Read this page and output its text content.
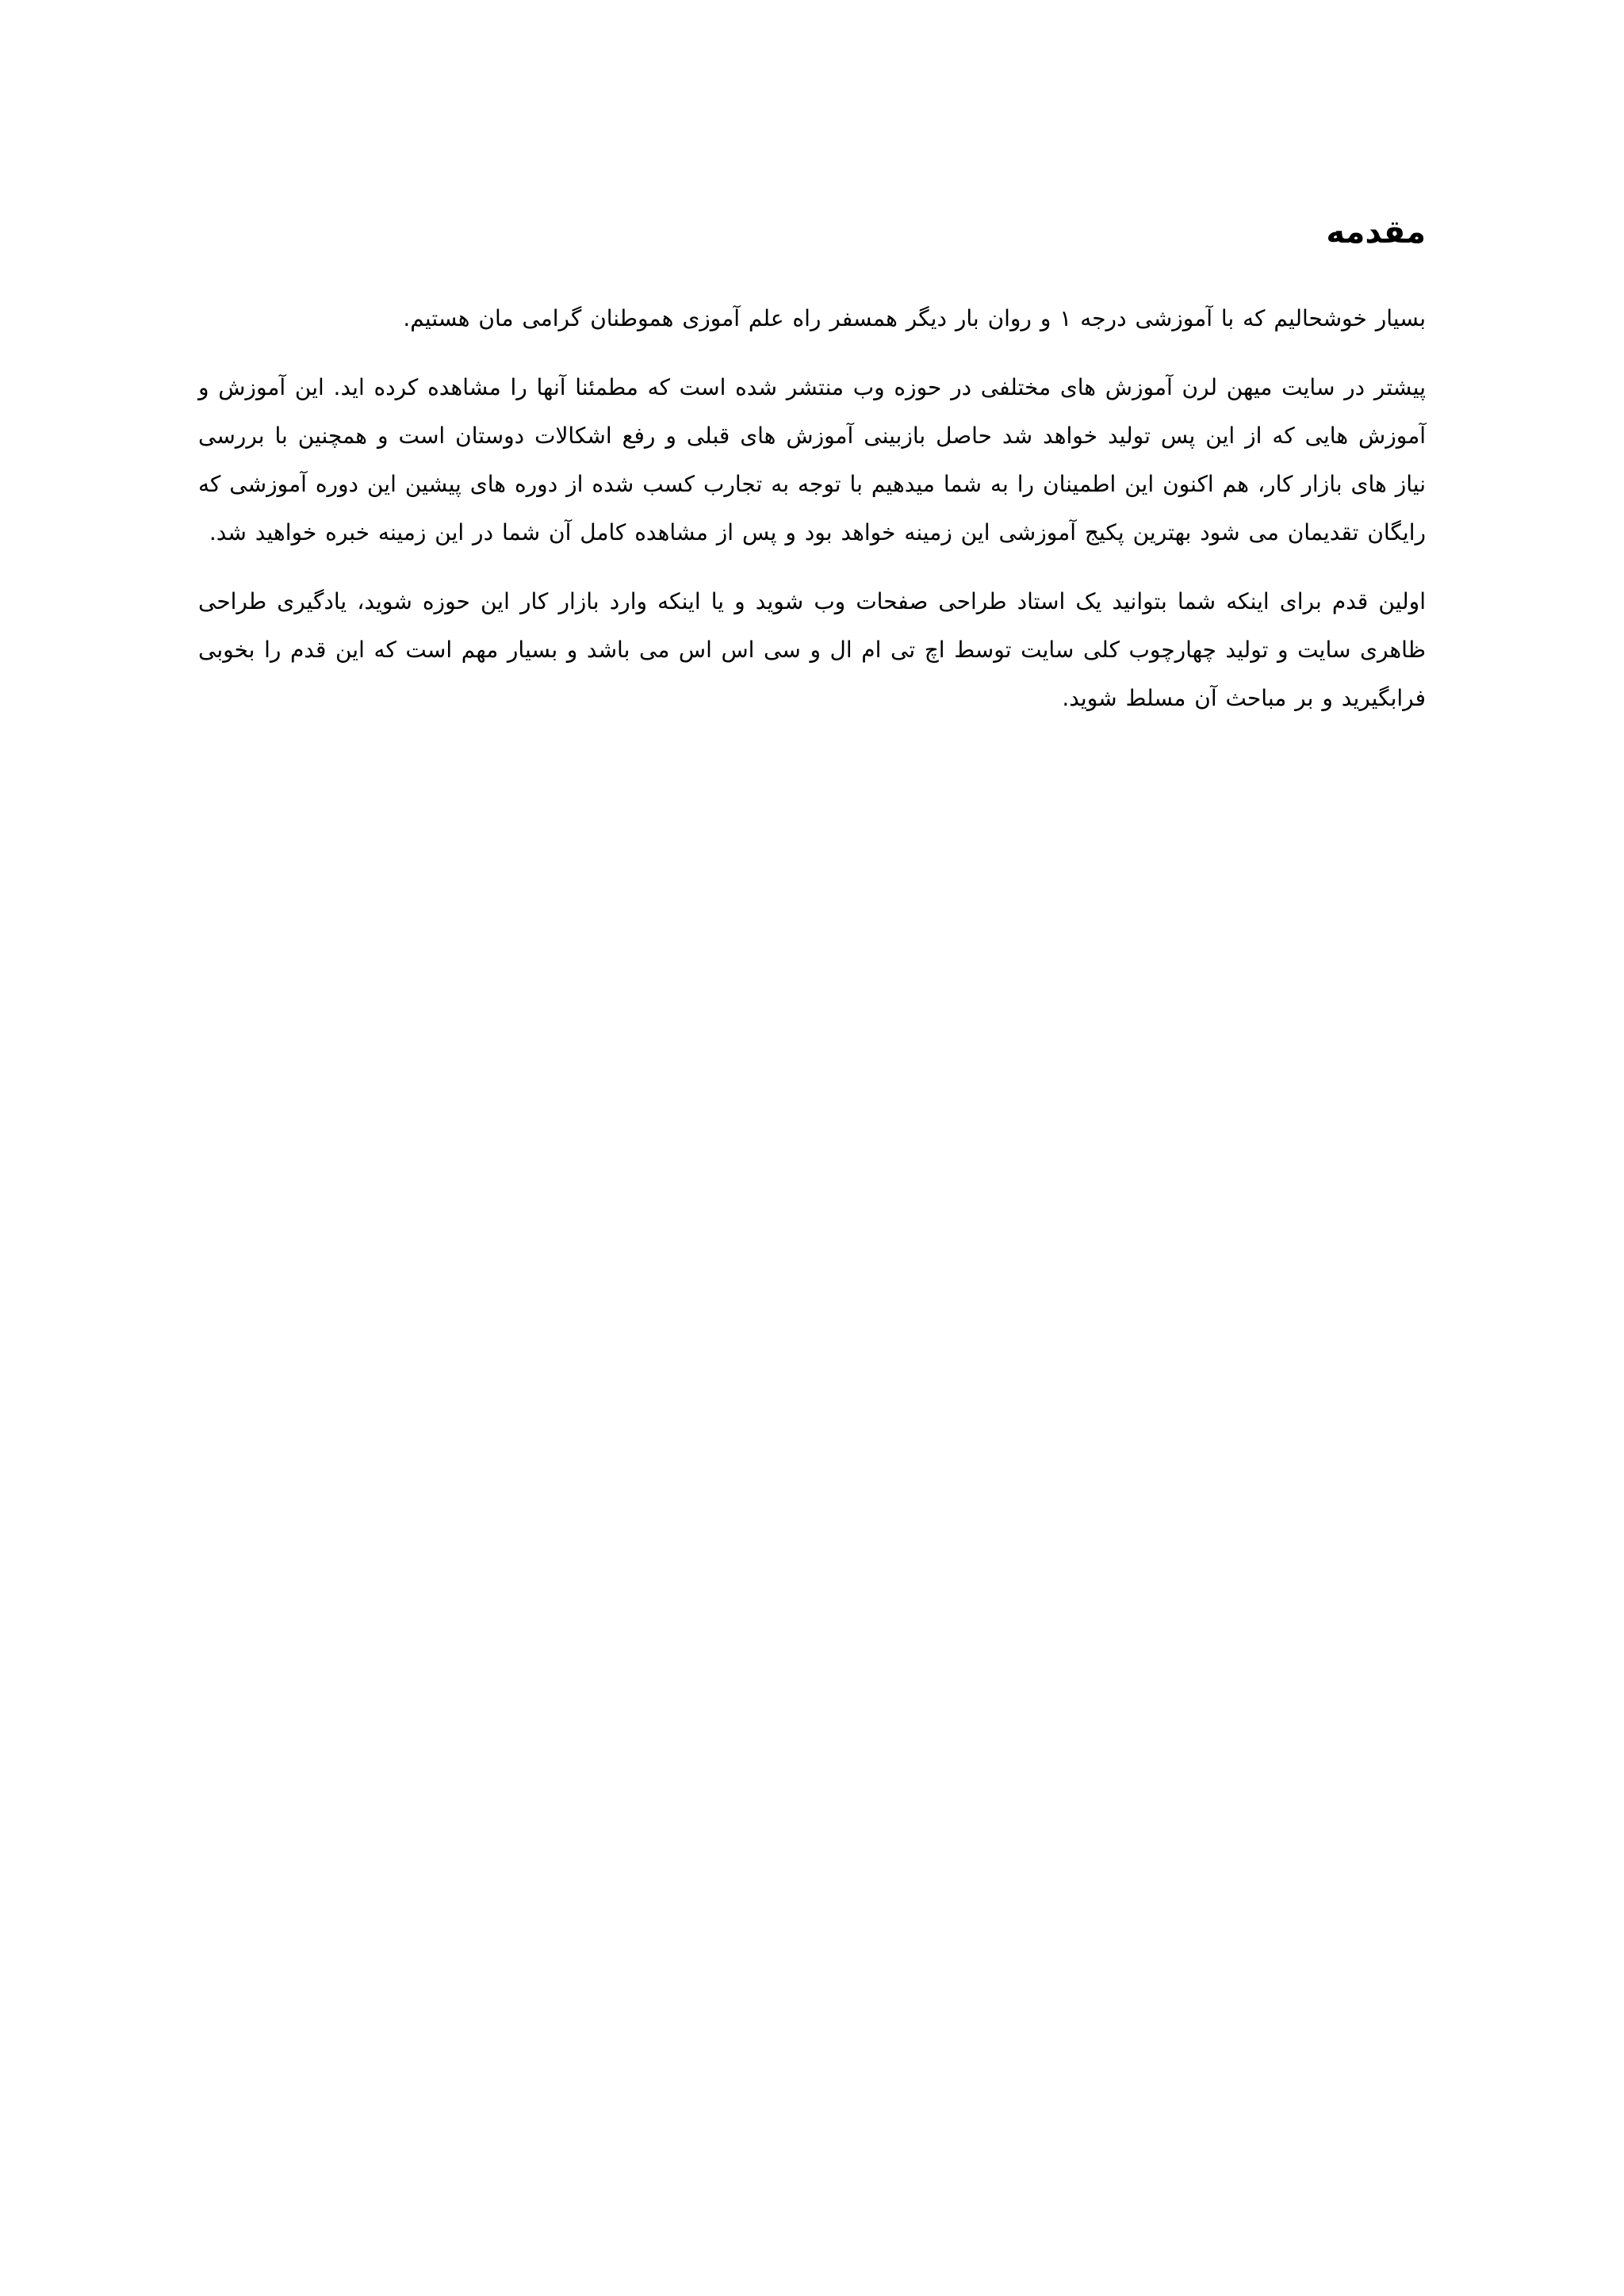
مقدمه

بسیار خوشحالیم که با آموزشی درجه ۱ و روان بار دیگر همسفر راه علم آموزی هموطنان گرامی مان هستیم.

پیشتر در سایت میهن لرن آموزش های مختلفی در حوزه وب منتشر شده است که مطمئنا آنها را مشاهده کرده اید. این آموزش و آموزش هایی که از این پس تولید خواهد شد حاصل بازبینی آموزش های قبلی و رفع اشکالات دوستان است و همچنین با بررسی نیاز های بازار کار، هم اکنون این اطمینان را به شما میدهیم با توجه به تجارب کسب شده از دوره های پیشین این دوره آموزشی که رایگان تقدیمان می شود بهترین پکیج آموزشی این زمینه خواهد بود و پس از مشاهده کامل آن شما در این زمینه خبره خواهید شد.

اولین قدم برای اینکه شما بتوانید یک استاد طراحی صفحات وب شوید و یا اینکه وارد بازار کار این حوزه شوید، یادگیری طراحی ظاهری سایت و تولید چهارچوب کلی سایت توسط اچ تی ام ال و سی اس اس می باشد و بسیار مهم است که این قدم را بخوبی فرابگیرید و بر مباحث آن مسلط شوید.
